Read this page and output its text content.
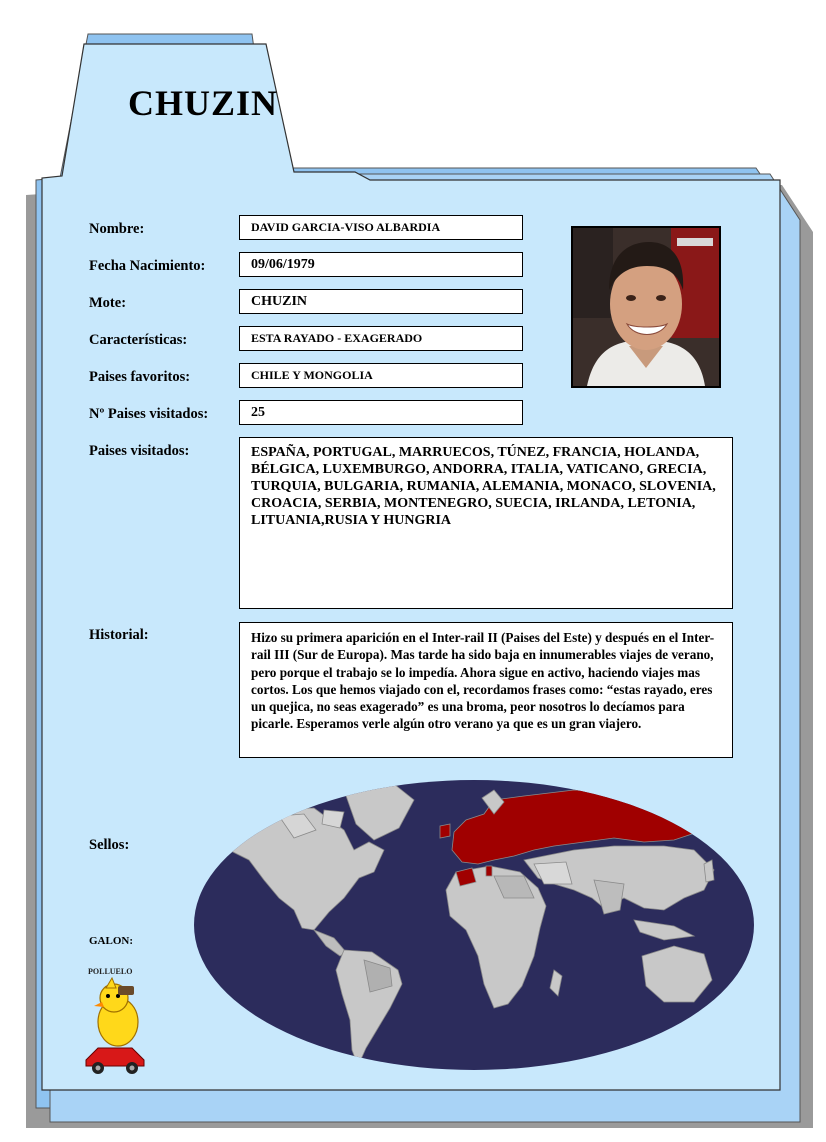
CHUZIN
Nombre:
Fecha Nacimiento:
Mote:
Características:
Paises favoritos:
Nº Paises visitados:
Paises visitados:
Historial:
Sellos:
GALON:
DAVID GARCIA-VISO ALBARDIA
09/06/1979
CHUZIN
ESTA RAYADO - EXAGERADO
CHILE Y MONGOLIA
25
ESPAÑA, PORTUGAL, MARRUECOS, TÚNEZ, FRANCIA, HOLANDA, BÉLGICA, LUXEMBURGO, ANDORRA, ITALIA, VATICANO, GRECIA, TURQUIA, BULGARIA, RUMANIA, ALEMANIA, MONACO, SLOVENIA, CROACIA, SERBIA, MONTENEGRO, SUECIA, IRLANDA, LETONIA, LITUANIA,RUSIA Y HUNGRIA
Hizo su primera aparición en el Inter-rail II (Paises del Este) y después en el Inter-rail III (Sur de Europa). Mas tarde ha sido baja en innumerables viajes de verano, pero porque el trabajo se lo impedía. Ahora sigue en activo, haciendo viajes mas cortos. Los que hemos viajado con el, recordamos frases como: “estas rayado, eres un quejica, no seas exagerado” es una broma, peor nosotros lo decíamos para picarle. Esperamos verle algún otro verano ya que es un gran viajero.
POLLUELO
